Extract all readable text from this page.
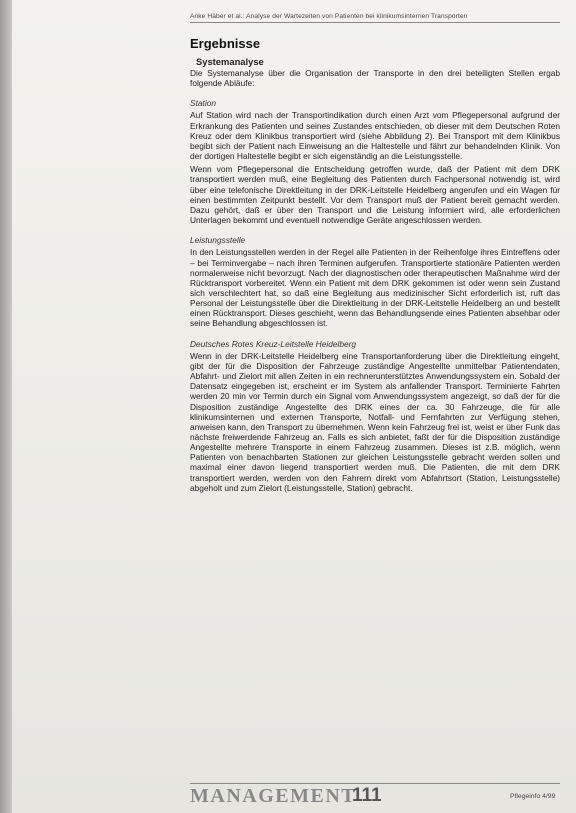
Anke Häber et al.: Analyse der Wartezeiten von Patienten bei klinikumsinternen Transporten
Ergebnisse
Systemanalyse

Die Systemanalyse über die Organisation der Transporte in den drei beteiligten Stellen ergab folgende Abläufe:

Station

Auf Station wird nach der Transportindikation durch einen Arzt vom Pflegepersonal aufgrund der Erkrankung des Patienten und seines Zustandes entschieden, ob dieser mit dem Deutschen Roten Kreuz oder dem Klinikbus transportiert wird (siehe Abbildung 2). Bei Transport mit dem Klinikbus begibt sich der Patient nach Einweisung an die Haltestelle und fährt zur behandelnden Klinik. Von der dortigen Haltestelle begibt er sich eigenständig an die Leistungsstelle.

Wenn vom Pflegepersonal die Entscheidung getroffen wurde, daß der Patient mit dem DRK transportiert werden muß, eine Begleitung des Patienten durch Fachpersonal notwendig ist, wird über eine telefonische Direktleitung in der DRK-Leitstelle Heidelberg angerufen und ein Wagen für einen bestimmten Zeitpunkt bestellt. Vor dem Transport muß der Patient bereit gemacht werden. Dazu gehört, daß er über den Transport und die Leistung informiert wird, alle erforderlichen Unterlagen bekommt und eventuell notwendige Geräte angeschlossen werden.

Leistungsstelle

In den Leistungsstellen werden in der Regel alle Patienten in der Reihenfolge ihres Eintreffens oder – bei Terminvergabe – nach ihren Terminen aufgerufen. Transportierte stationäre Patienten werden normalerweise nicht bevorzugt. Nach der diagnostischen oder therapeutischen Maßnahme wird der Rücktransport vorbereitet. Wenn ein Patient mit dem DRK gekommen ist oder wenn sein Zustand sich verschlechtert hat, so daß eine Begleitung aus medizinischer Sicht erforderlich ist, ruft das Personal der Leistungsstelle über die Direktleitung in der DRK-Leitstelle Heidelberg an und bestellt einen Rücktransport. Dieses geschieht, wenn das Behandlungsende eines Patienten absehbar oder seine Behandlung abgeschlossen ist.

Deutsches Rotes Kreuz-Leitstelle Heidelberg

Wenn in der DRK-Leitstelle Heidelberg eine Transportanforderung über die Direktleitung eingeht, gibt der für die Disposition der Fahrzeuge zuständige Angestellte unmittelbar Patientendaten, Abfahrt- und Zielort mit allen Zeiten in ein rechnerunterstütztes Anwendungssystem ein. Sobald der Datensatz eingegeben ist, erscheint er im System als anfallender Transport. Terminierte Fahrten werden 20 min vor Termin durch ein Signal vom Anwendungssystem angezeigt, so daß der für die Disposition zuständige Angestellte des DRK eines der ca. 30 Fahrzeuge, die für alle klinikumsinternen und externen Transporte, Notfall- und Fernfahrten zur Verfügung stehen, anweisen kann, den Transport zu übernehmen. Wenn kein Fahrzeug frei ist, weist er über Funk das nächste freiwerdende Fahrzeug an. Falls es sich anbietet, faßt der für die Disposition zuständige Angestellte mehrere Transporte in einem Fahrzeug zusammen. Dieses ist z.B. möglich, wenn Patienten von benachbarten Stationen zur gleichen Leistungsstelle gebracht werden sollen und maximal einer davon liegend transportiert werden muß. Die Patienten, die mit dem DRK transportiert werden, werden von den Fahrern direkt vom Abfahrtsort (Station, Leistungsstelle) abgeholt und zum Zielort (Leistungsstelle, Station) gebracht.

MANAGEMENT
111	Pflegeinfo 4/99
